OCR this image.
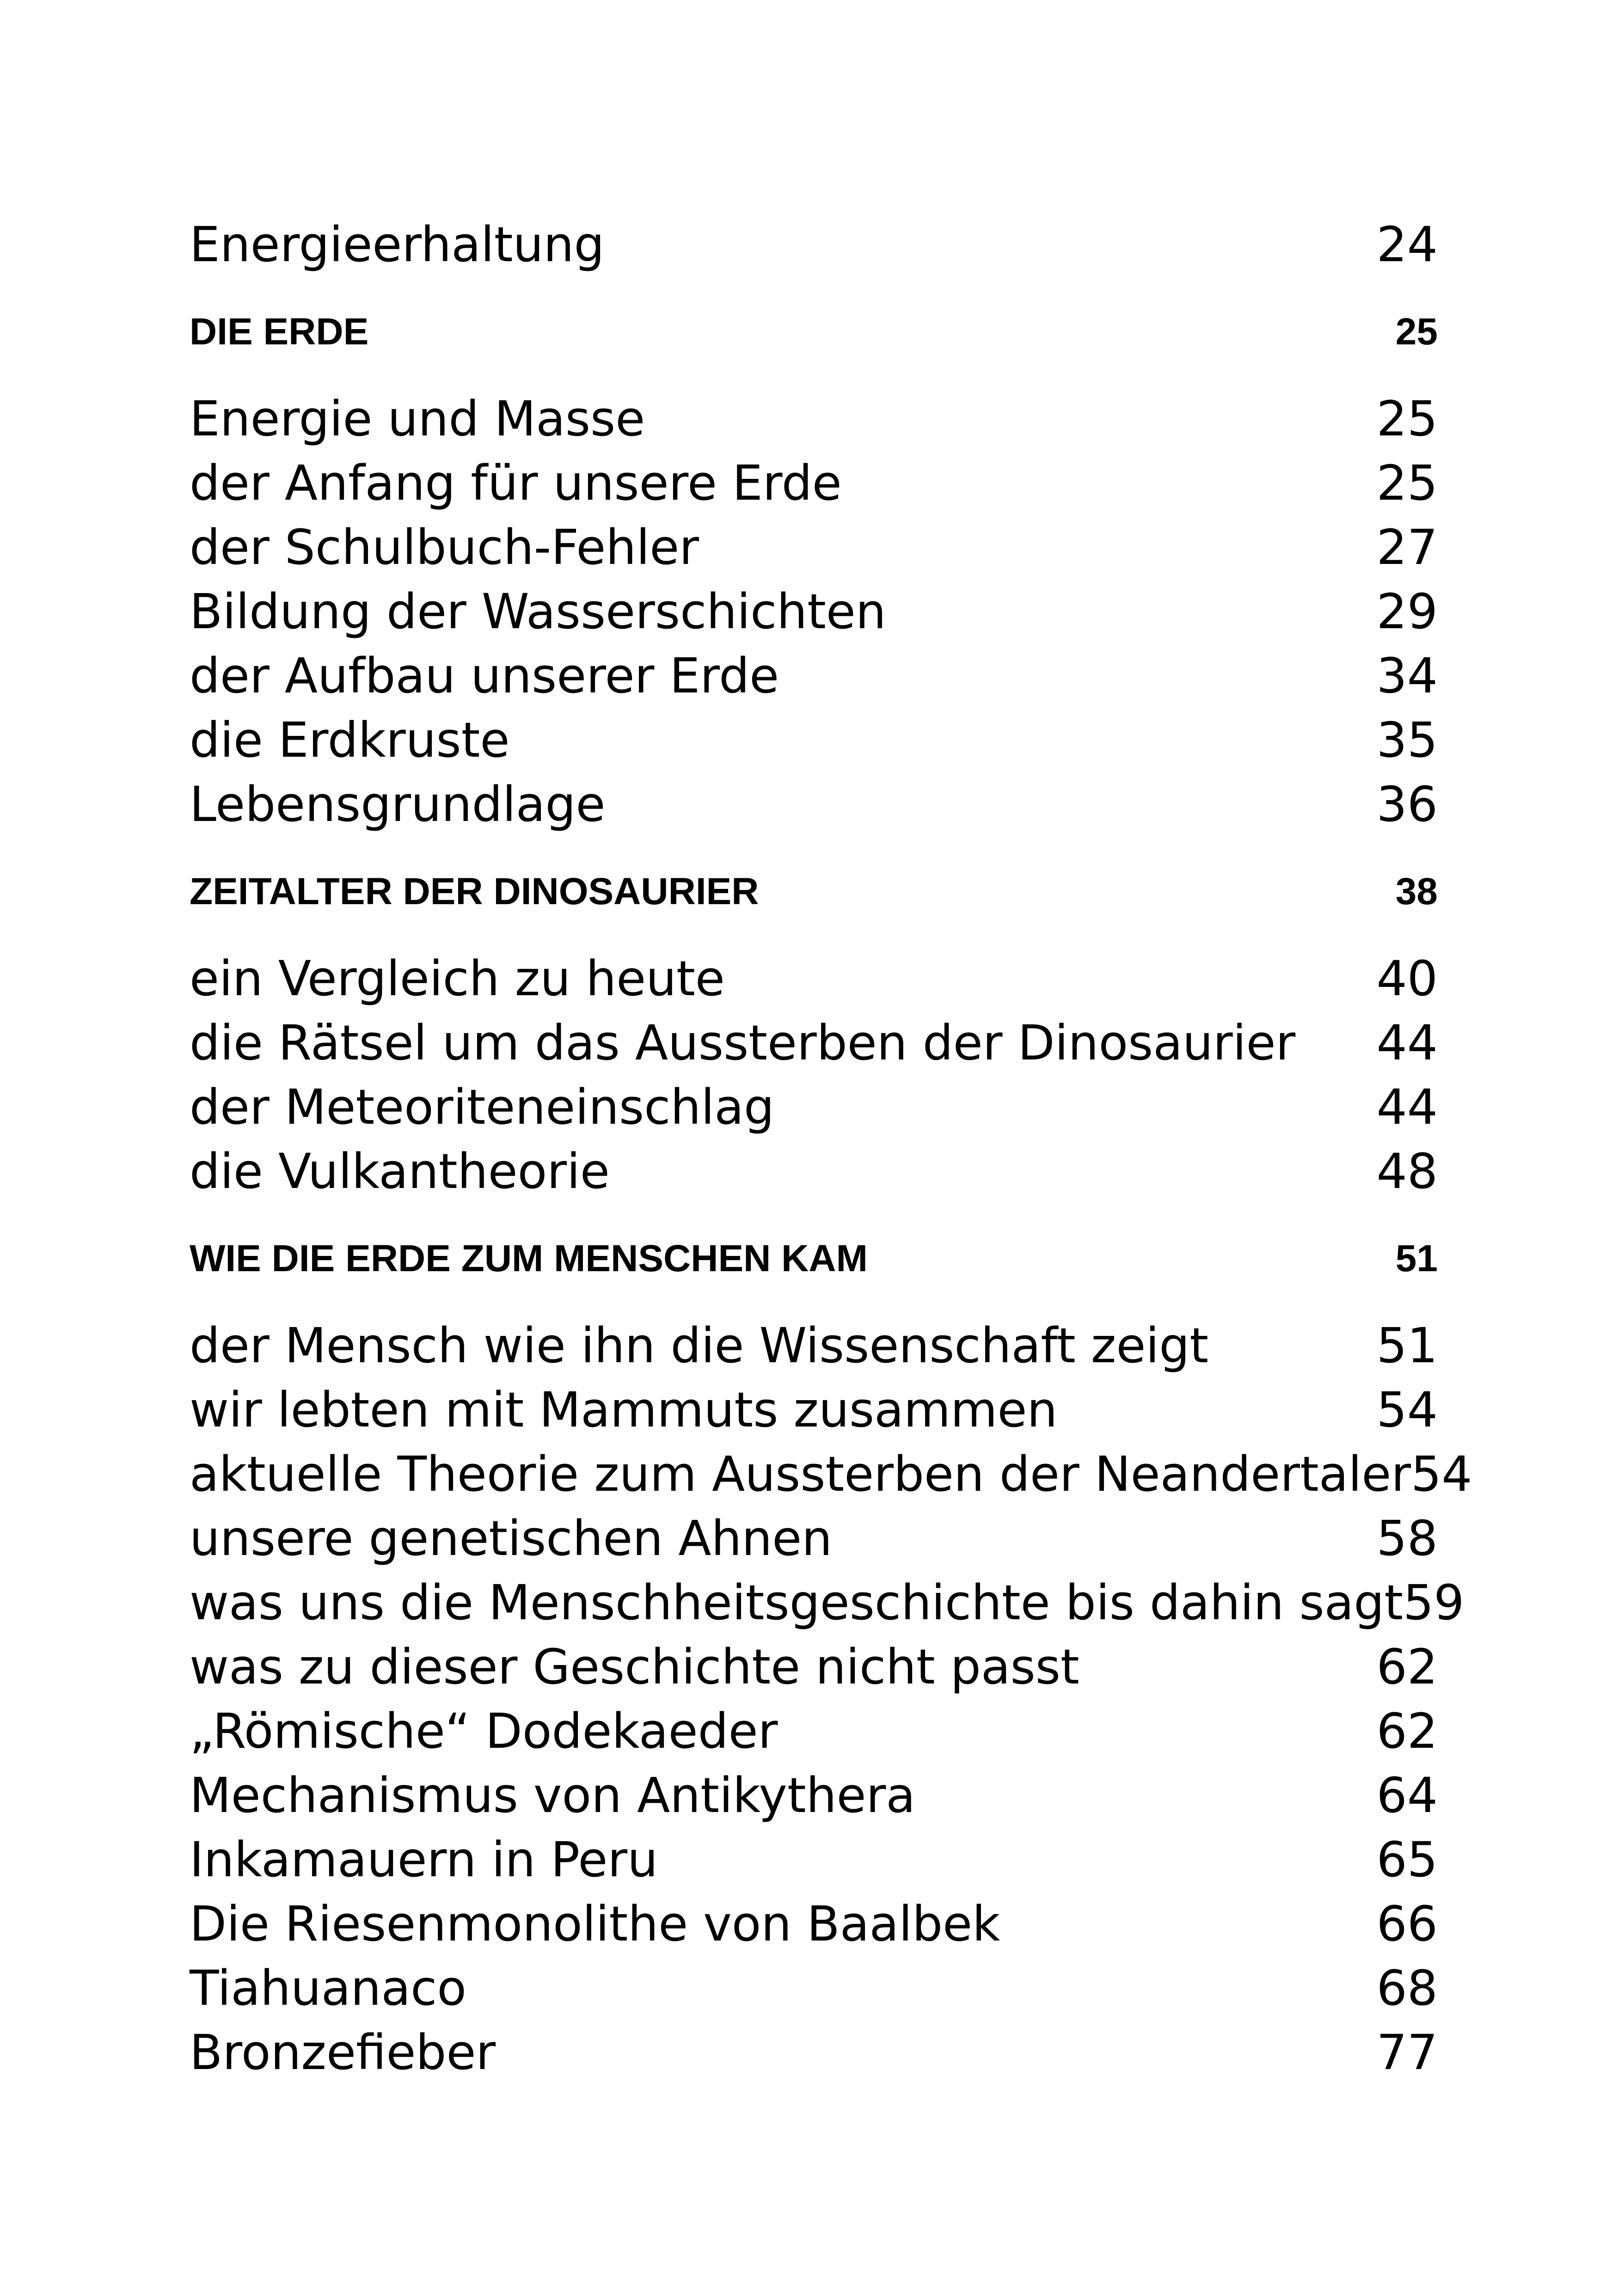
Energieerhaltung	24
DIE ERDE	25
Energie und Masse	25
der Anfang für unsere Erde	25
der Schulbuch-Fehler	27
Bildung der Wasserschichten	29
der Aufbau unserer Erde	34
die Erdkruste	35
Lebensgrundlage	36
ZEITALTER DER DINOSAURIER	38
ein Vergleich zu heute	40
die Rätsel um das Aussterben der Dinosaurier 44
der Meteoriteneinschlag	44
die Vulkantheorie	48
WIE DIE ERDE ZUM MENSCHEN KAM	51
der Mensch wie ihn die Wissenschaft zeigt	51
wir lebten mit Mammuts zusammen	54
aktuelle Theorie zum Aussterben der Neandertaler 54
unsere genetischen Ahnen	58
was uns die Menschheitsgeschichte bis dahin sagt 59
was zu dieser Geschichte nicht passt	62
„Römische“ Dodekaeder	62
Mechanismus von Antikythera	64
Inkamauern in Peru	65
Die Riesenmonolithe von Baalbek	66
Tiahuanaco	68
Bronzefieber	77
